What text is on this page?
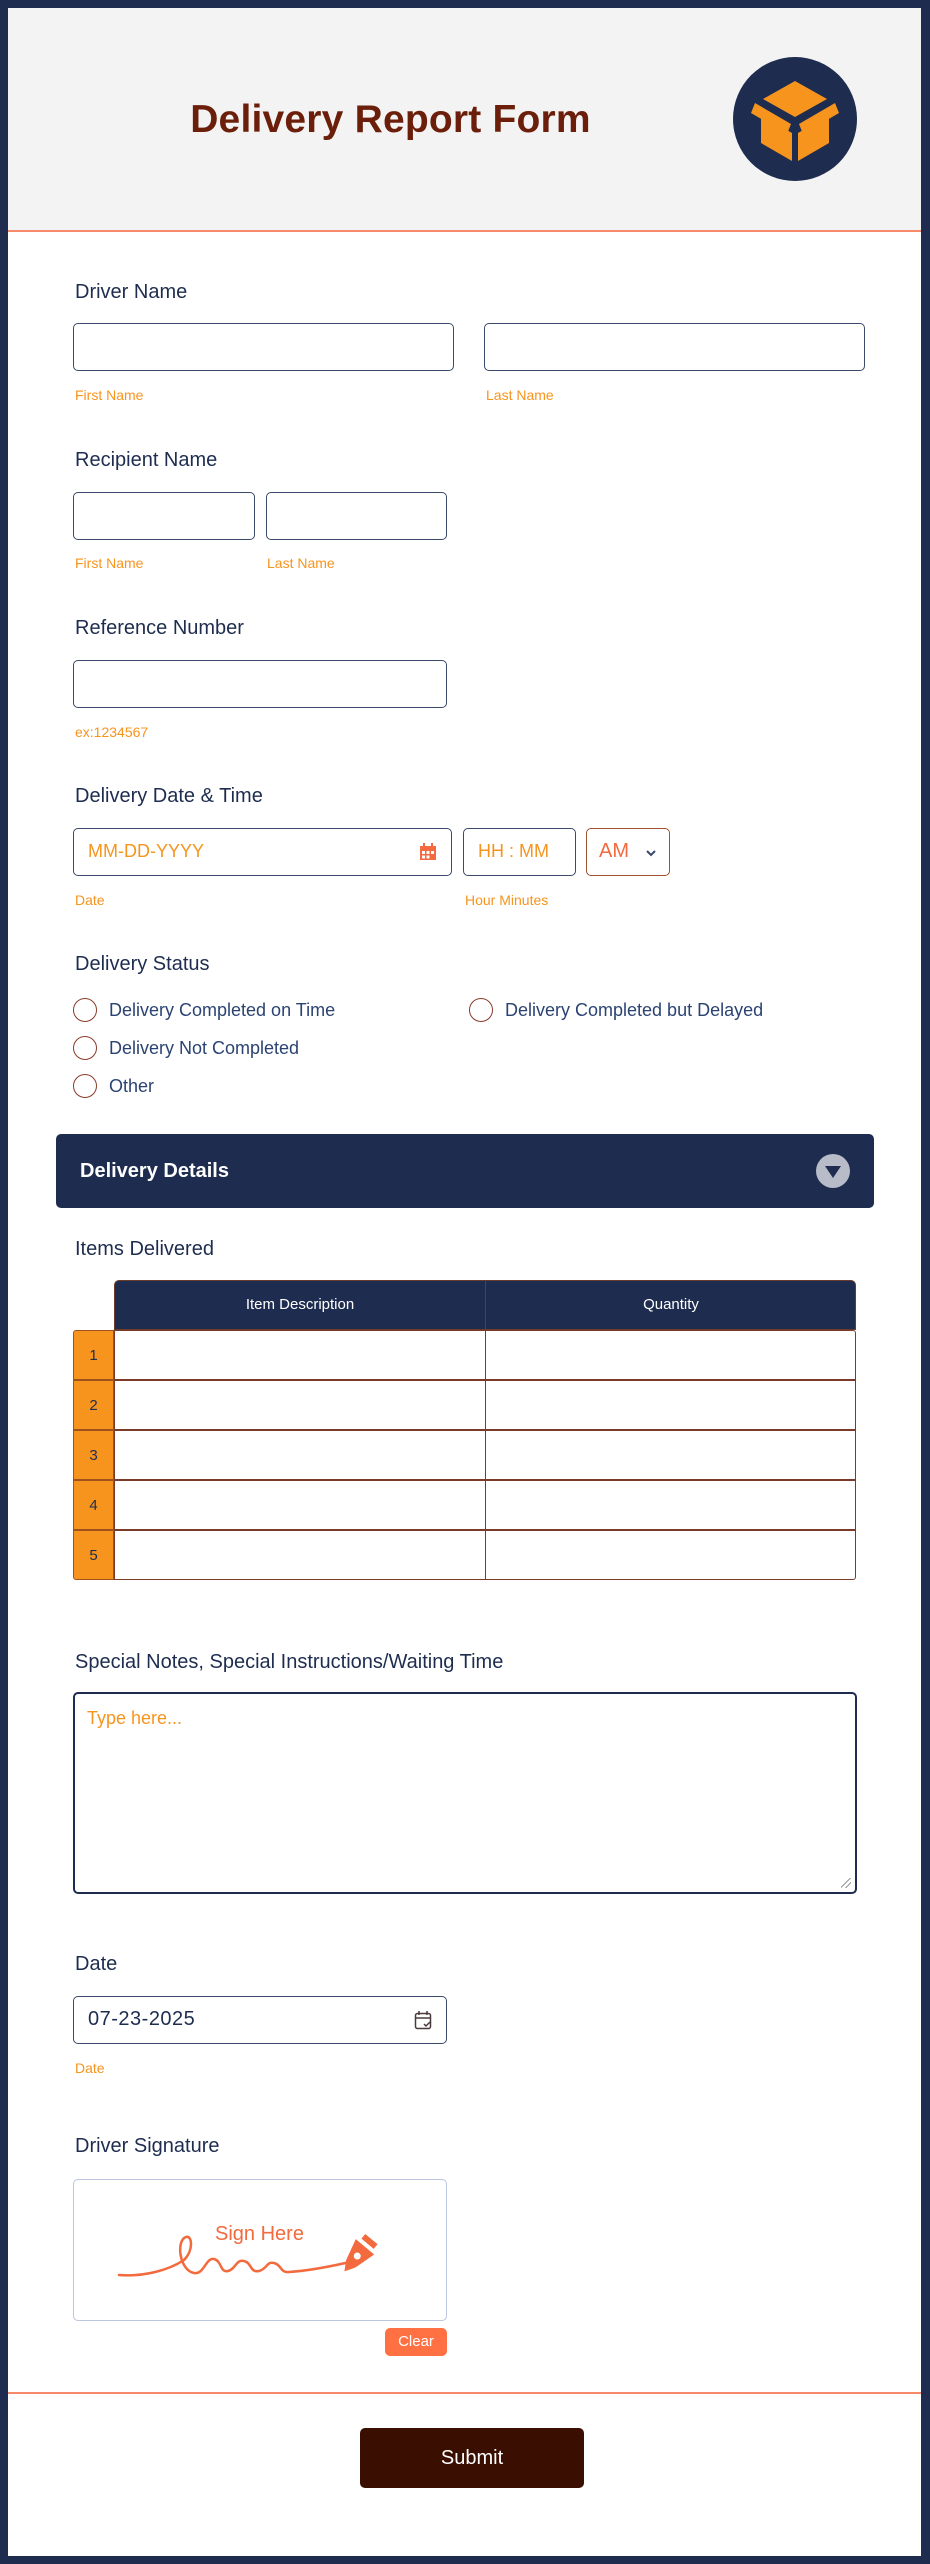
Delivery Report Form
Driver Name
First Name	Last Name
Recipient Name
First Name	Last Name
Reference Number
ex:1234567
Delivery Date & Time
MM-DD-YYYY
Date
HH : MM
Hour Minutes
AM
Delivery Status
Delivery Completed on Time	Delivery Completed but Delayed
Delivery Not Completed
Other
Delivery Details
Items Delivered
Item Description	Quantity
1
2
3
4
5
Special Notes, Special Instructions/Waiting Time
Type here...
Date
07-23-2025
Date
Driver Signature
Sign Here
Clear
Submit
